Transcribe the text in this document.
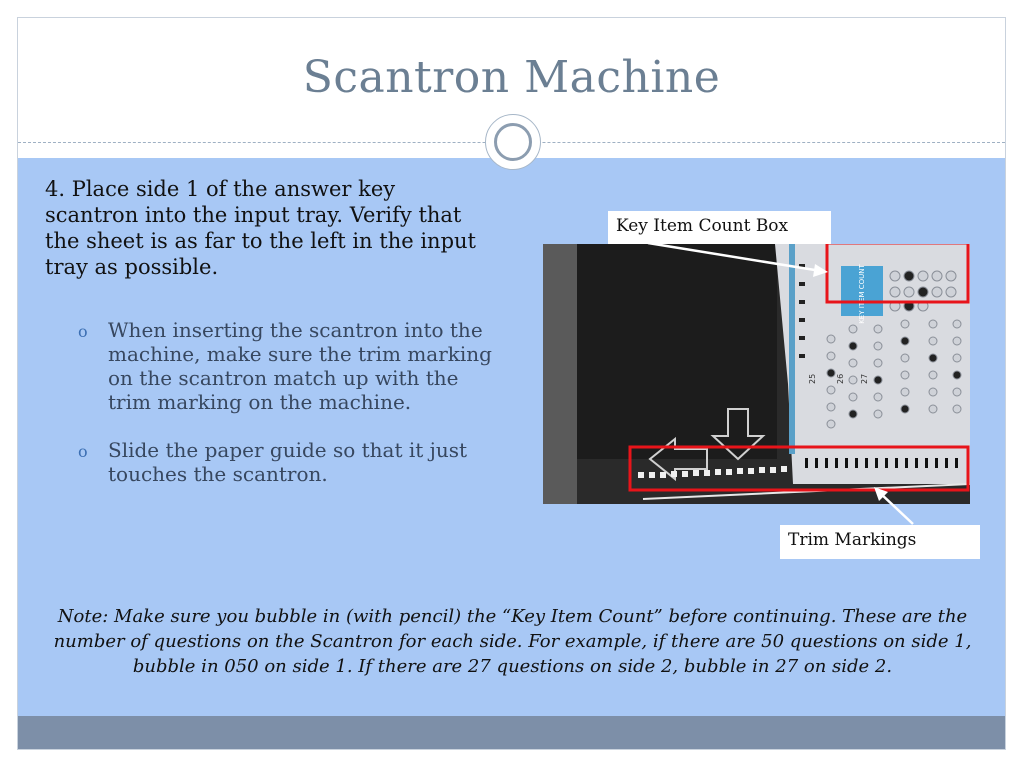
Scantron Machine
4. Place side 1 of the answer key scantron into the input tray. Verify that the sheet is as far to the left in the input tray as possible.
o When inserting the scantron into the machine, make sure the trim marking on the scantron match up with the trim marking on the machine.
o Slide the paper guide so that it just touches the scantron.
KEY ITEM COUNT
25 26 27
Key Item Count Box
Trim Markings
Note: Make sure you bubble in (with pencil) the “Key Item Count” before continuing. These are the number of questions on the Scantron for each side. For example, if there are 50 questions on side 1, bubble in 050 on side 1. If there are 27 questions on side 2, bubble in 27 on side 2.
